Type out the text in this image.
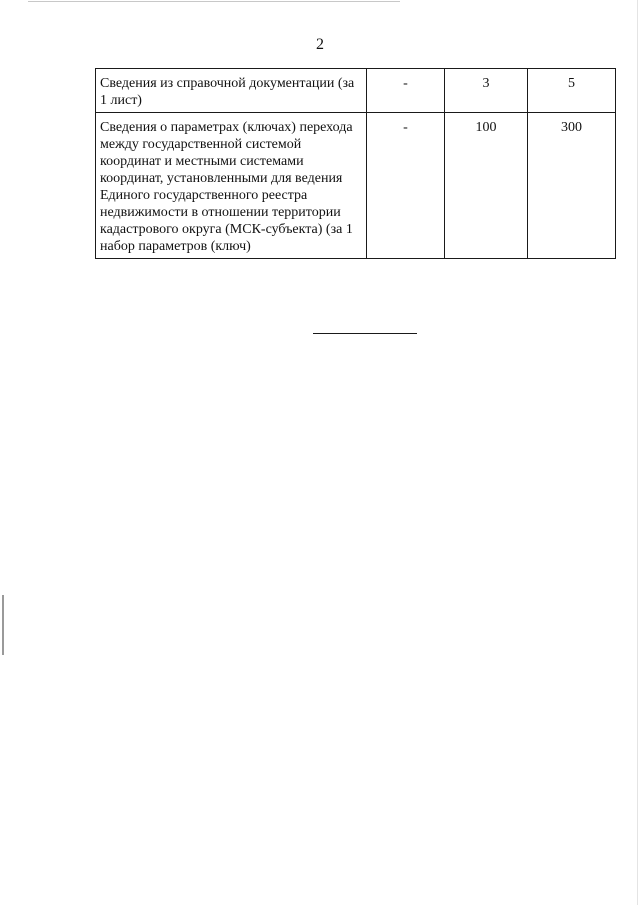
2
Сведения из справочной документации (за 1 лист)	-	3	5
Сведения о параметрах (ключах) перехода между государственной системой координат и местными системами координат, установленными для ведения Единого государственного реестра недвижимости в отношении территории кадастрового округа (МСК-субъекта) (за 1 набор параметров (ключ)	-	100	300
